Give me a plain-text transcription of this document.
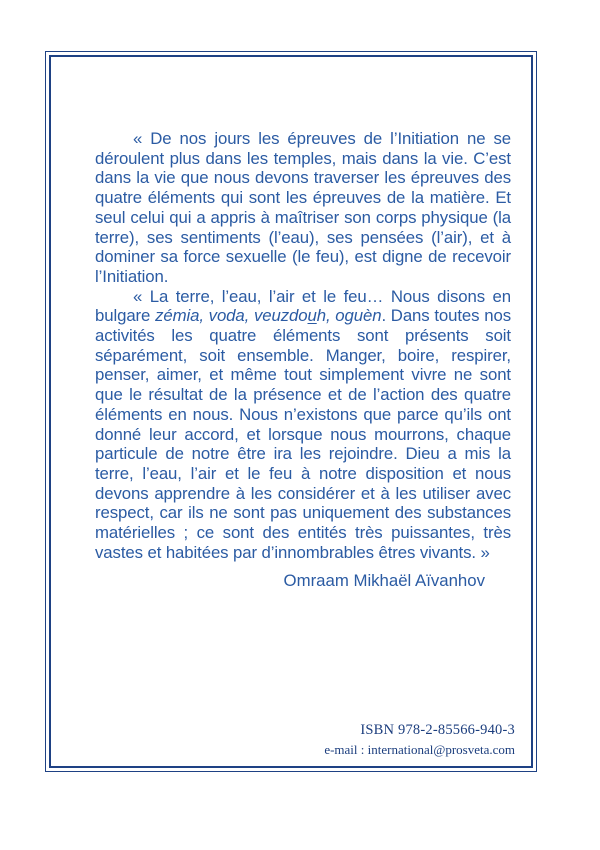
« De nos jours les épreuves de l’Initiation ne se déroulent plus dans les temples, mais dans la vie. C’est dans la vie que nous devons traverser les épreuves des quatre éléments qui sont les épreuves de la matière. Et seul celui qui a appris à maîtriser son corps physique (la terre), ses sentiments (l’eau), ses pensées (l’air), et à dominer sa force sexuelle (le feu), est digne de recevoir l’Initiation.

« La terre, l’eau, l’air et le feu… Nous disons en bulgare zémia, voda, veuzdouh, oguèn. Dans toutes nos activités les quatre éléments sont présents soit séparément, soit ensemble. Manger, boire, respirer, penser, aimer, et même tout simplement vivre ne sont que le résultat de la présence et de l’action des quatre éléments en nous. Nous n’existons que parce qu’ils ont donné leur accord, et lorsque nous mourrons, chaque particule de notre être ira les rejoindre. Dieu a mis la terre, l’eau, l’air et le feu à notre disposition et nous devons apprendre à les considérer et à les utiliser avec respect, car ils ne sont pas uniquement des substances matérielles ; ce sont des entités très puissantes, très vastes et habitées par d’innombrables êtres vivants. »

Omraam Mikhaël Aïvanhov
ISBN 978-2-85566-940-3
e-mail : international@prosveta.com
